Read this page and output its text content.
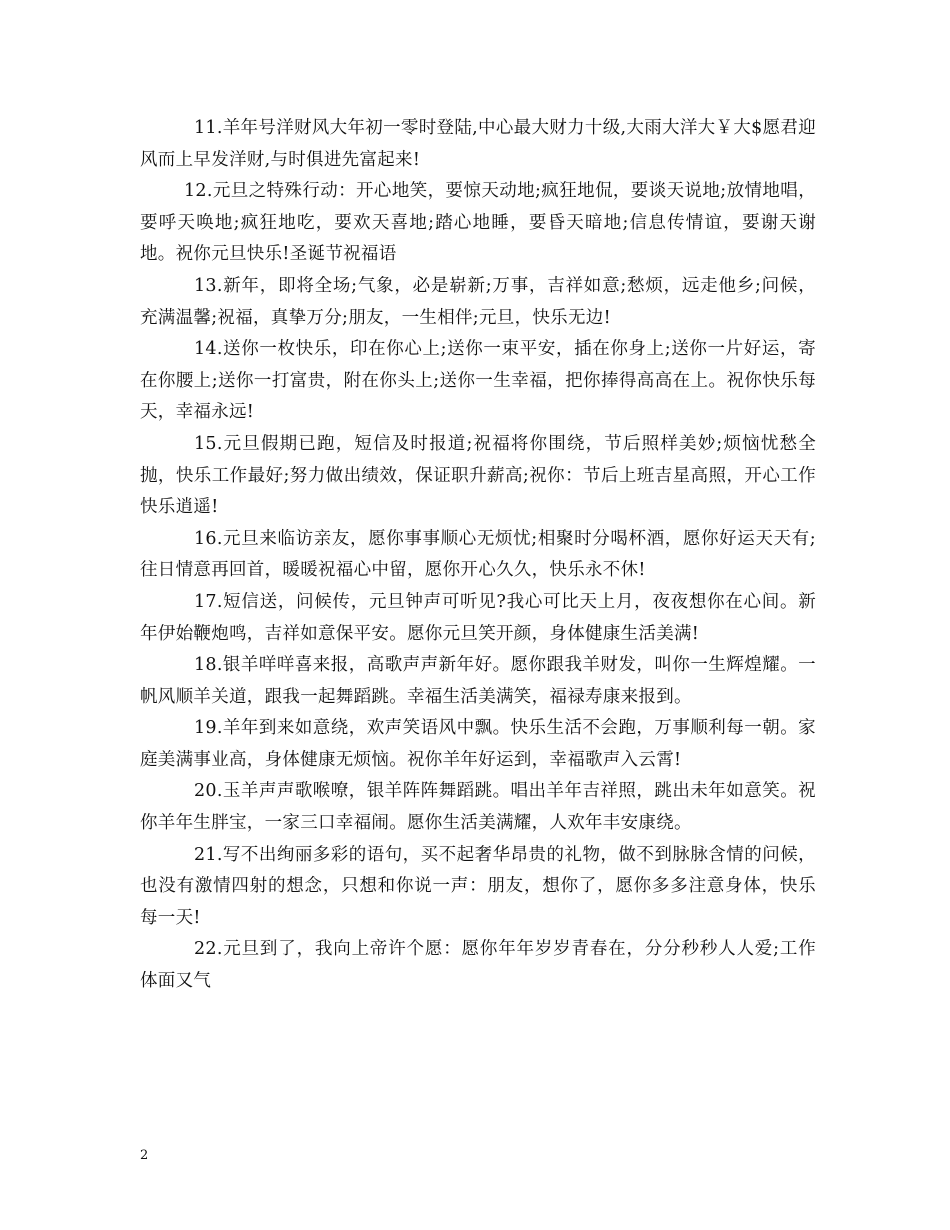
11.羊年号洋财风大年初一零时登陆,中心最大财力十级,大雨大洋大￥大$愿君迎风而上早发洋财,与时俱进先富起来!

12.元旦之特殊行动：开心地笑，要惊天动地;疯狂地侃，要谈天说地;放情地唱，要呼天唤地;疯狂地吃，要欢天喜地;踏心地睡，要昏天暗地;信息传情谊，要谢天谢地。祝你元旦快乐!圣诞节祝福语

13.新年，即将全场;气象，必是崭新;万事，吉祥如意;愁烦，远走他乡;问候，充满温馨;祝福，真挚万分;朋友，一生相伴;元旦，快乐无边!

14.送你一枚快乐，印在你心上;送你一束平安，插在你身上;送你一片好运，寄在你腰上;送你一打富贵，附在你头上;送你一生幸福，把你捧得高高在上。祝你快乐每天，幸福永远!

15.元旦假期已跑，短信及时报道;祝福将你围绕，节后照样美妙;烦恼忧愁全抛，快乐工作最好;努力做出绩效，保证职升薪高;祝你：节后上班吉星高照，开心工作快乐逍遥!

16.元旦来临访亲友，愿你事事顺心无烦忧;相聚时分喝杯酒，愿你好运天天有;往日情意再回首，暖暖祝福心中留，愿你开心久久，快乐永不休!

17.短信送，问候传，元旦钟声可听见?我心可比天上月，夜夜想你在心间。新年伊始鞭炮鸣，吉祥如意保平安。愿你元旦笑开颜，身体健康生活美满!

18.银羊咩咩喜来报，高歌声声新年好。愿你跟我羊财发，叫你一生辉煌耀。一帆风顺羊关道，跟我一起舞蹈跳。幸福生活美满笑，福禄寿康来报到。

19.羊年到来如意绕，欢声笑语风中飘。快乐生活不会跑，万事顺利每一朝。家庭美满事业高，身体健康无烦恼。祝你羊年好运到，幸福歌声入云霄!

20.玉羊声声歌喉嘹，银羊阵阵舞蹈跳。唱出羊年吉祥照，跳出未年如意笑。祝你羊年生胖宝，一家三口幸福闹。愿你生活美满耀，人欢年丰安康绕。

21.写不出绚丽多彩的语句，买不起奢华昂贵的礼物，做不到脉脉含情的问候，也没有激情四射的想念，只想和你说一声：朋友，想你了，愿你多多注意身体，快乐每一天!

22.元旦到了，我向上帝许个愿：愿你年年岁岁青春在，分分秒秒人人爱;工作体面又气

2
